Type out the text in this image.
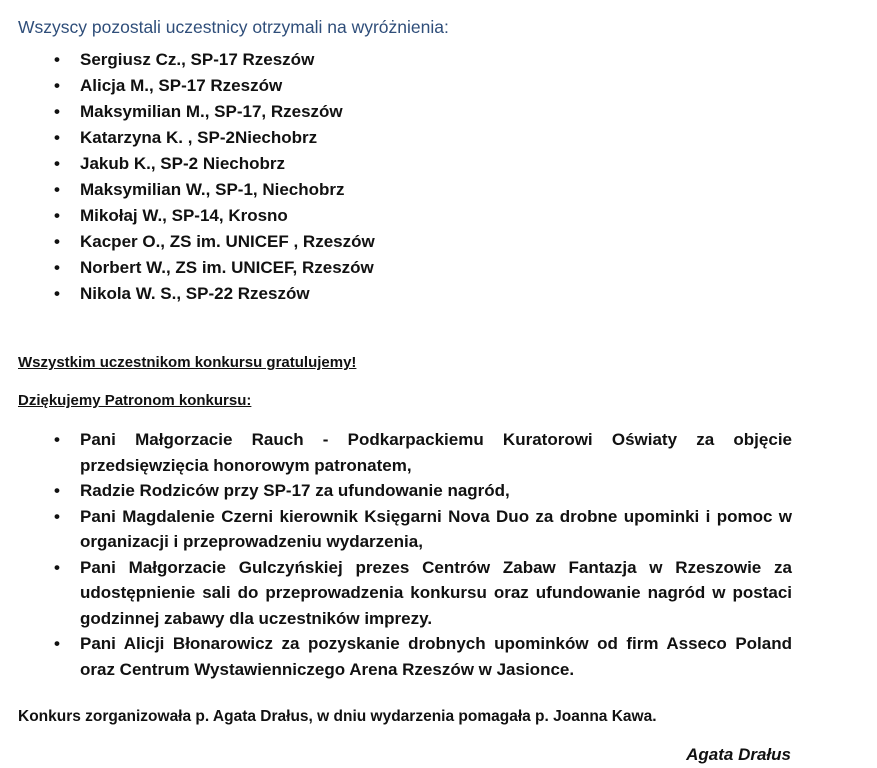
Wszyscy pozostali uczestnicy otrzymali na wyróżnienia:

• Sergiusz Cz., SP-17 Rzeszów
• Alicja M., SP-17 Rzeszów
• Maksymilian M., SP-17, Rzeszów
• Katarzyna K. , SP-2Niechobrz
• Jakub K., SP-2 Niechobrz
• Maksymilian W., SP-1, Niechobrz
• Mikołaj W., SP-14, Krosno
• Kacper O., ZS im. UNICEF , Rzeszów
• Norbert W., ZS im. UNICEF, Rzeszów
• Nikola W. S., SP-22 Rzeszów

Wszystkim uczestnikom konkursu gratulujemy!

Dziękujemy Patronom konkursu:

• Pani Małgorzacie Rauch - Podkarpackiemu Kuratorowi Oświaty za objęcie przedsięwzięcia honorowym patronatem,
• Radzie Rodziców przy SP-17 za ufundowanie nagród,
• Pani Magdalenie Czerni kierownik Księgarni Nova Duo za drobne upominki i pomoc w organizacji i przeprowadzeniu wydarzenia,
• Pani Małgorzacie Gulczyńskiej prezes Centrów Zabaw Fantazja w Rzeszowie za udostępnienie sali do przeprowadzenia konkursu oraz ufundowanie nagród w postaci godzinnej zabawy dla uczestników imprezy.
• Pani Alicji Błonarowicz za pozyskanie drobnych upominków od firm Asseco Poland oraz Centrum Wystawienniczego Arena Rzeszów w Jasionce.

Konkurs zorganizowała p. Agata Drałus, w dniu wydarzenia pomagała p. Joanna Kawa.

Agata Drałus
